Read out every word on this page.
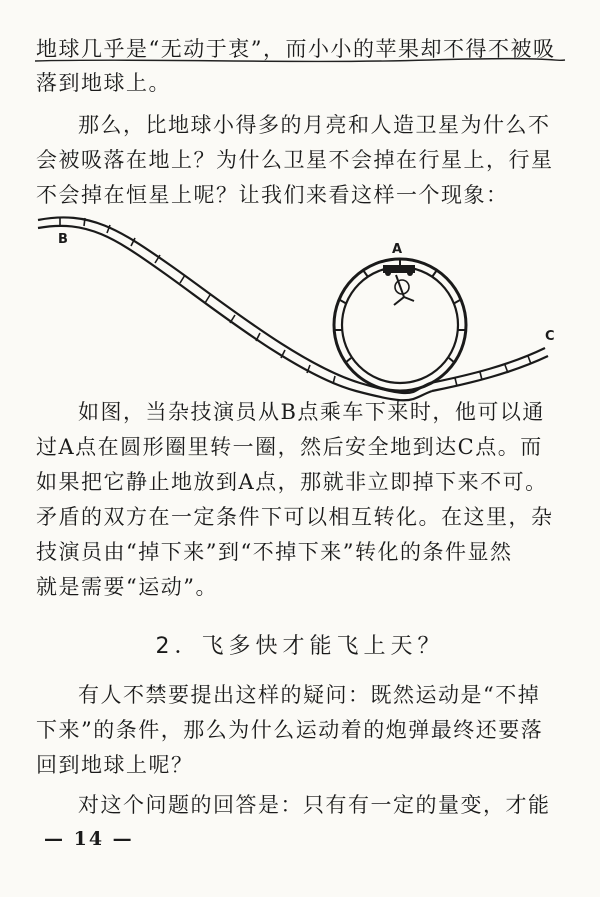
地球几乎是“无动于衷”，而小小的苹果却不得不被吸
落到地球上。
那么，比地球小得多的月亮和人造卫星为什么不
会被吸落在地上？为什么卫星不会掉在行星上，行星
不会掉在恒星上呢？让我们来看这样一个现象：
B
A
C
如图，当杂技演员从B点乘车下来时，他可以通
过A点在圆形圈里转一圈，然后安全地到达C点。而
如果把它静止地放到A点，那就非立即掉下来不可。
矛盾的双方在一定条件下可以相互转化。在这里，杂
技演员由“掉下来”到“不掉下来”转化的条件显然
就是需要“运动”。
2．飞多快才能飞上天？
有人不禁要提出这样的疑问：既然运动是“不掉
下来”的条件，那么为什么运动着的炮弹最终还要落
回到地球上呢？
对这个问题的回答是：只有有一定的量变，才能
— 14 —
